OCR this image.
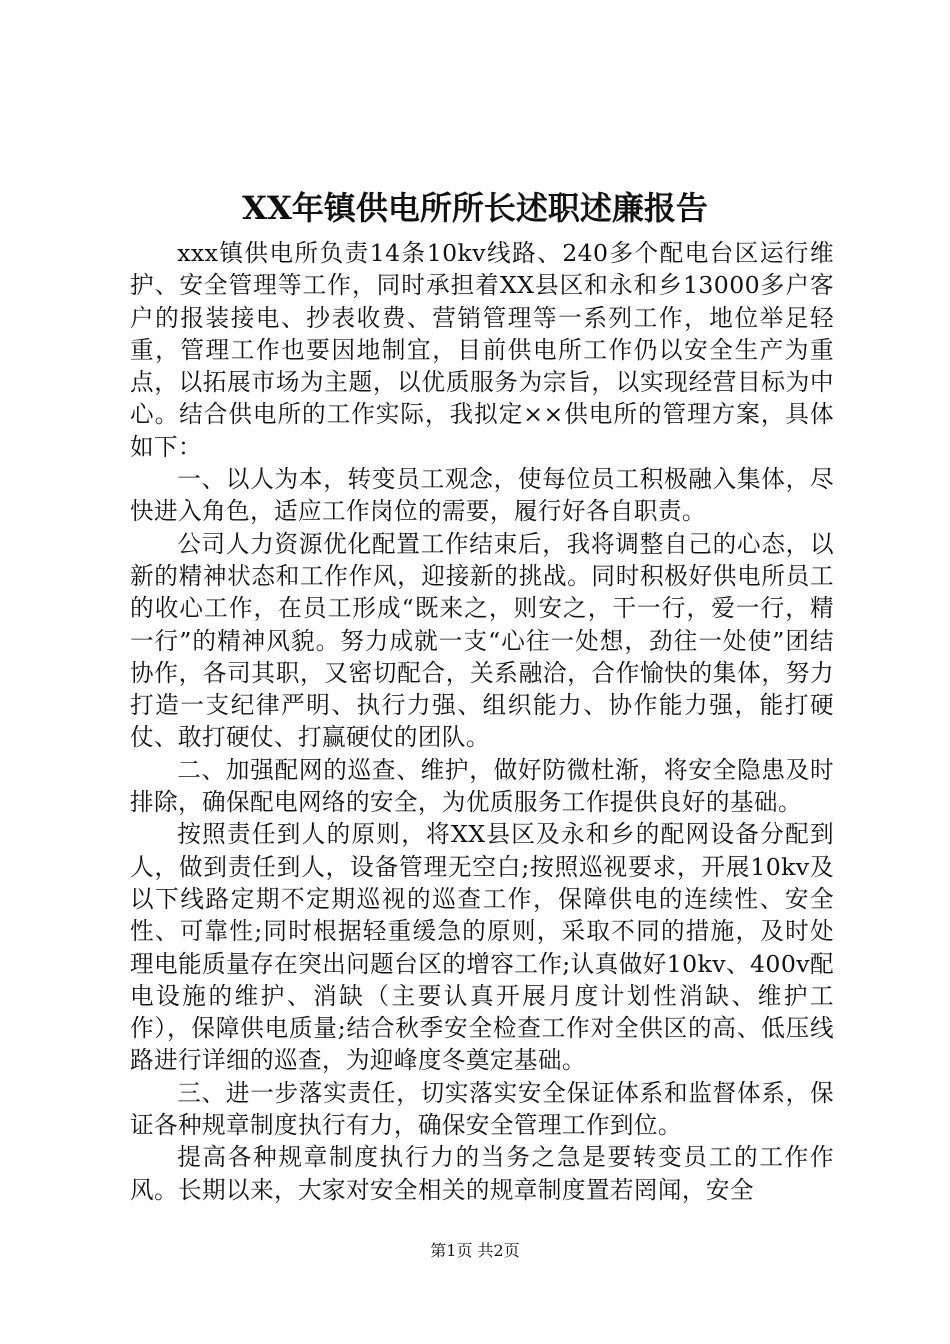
XX年镇供电所所长述职述廉报告

xxx镇供电所负责14条10kv线路、240多个配电台区运行维护、安全管理等工作，同时承担着XX县区和永和乡13000多户客户的报装接电、抄表收费、营销管理等一系列工作，地位举足轻重，管理工作也要因地制宜，目前供电所工作仍以安全生产为重点，以拓展市场为主题，以优质服务为宗旨，以实现经营目标为中心。结合供电所的工作实际，我拟定××供电所的管理方案，具体如下：

一、以人为本，转变员工观念，使每位员工积极融入集体，尽快进入角色，适应工作岗位的需要，履行好各自职责。

公司人力资源优化配置工作结束后，我将调整自己的心态，以新的精神状态和工作作风，迎接新的挑战。同时积极好供电所员工的收心工作，在员工形成“既来之，则安之，干一行，爱一行，精一行”的精神风貌。努力成就一支“心往一处想，劲往一处使”团结协作，各司其职，又密切配合，关系融洽，合作愉快的集体，努力打造一支纪律严明、执行力强、组织能力、协作能力强，能打硬仗、敢打硬仗、打赢硬仗的团队。

二、加强配网的巡查、维护，做好防微杜渐，将安全隐患及时排除，确保配电网络的安全，为优质服务工作提供良好的基础。

按照责任到人的原则，将XX县区及永和乡的配网设备分配到人，做到责任到人，设备管理无空白;按照巡视要求，开展10kv及以下线路定期不定期巡视的巡查工作，保障供电的连续性、安全性、可靠性;同时根据轻重缓急的原则，采取不同的措施，及时处理电能质量存在突出问题台区的增容工作;认真做好10kv、400v配电设施的维护、消缺（主要认真开展月度计划性消缺、维护工作），保障供电质量;结合秋季安全检查工作对全供区的高、低压线路进行详细的巡查，为迎峰度冬奠定基础。

三、进一步落实责任，切实落实安全保证体系和监督体系，保证各种规章制度执行有力，确保安全管理工作到位。

提高各种规章制度执行力的当务之急是要转变员工的工作作风。长期以来，大家对安全相关的规章制度置若罔闻，安全

第1页 共2页
